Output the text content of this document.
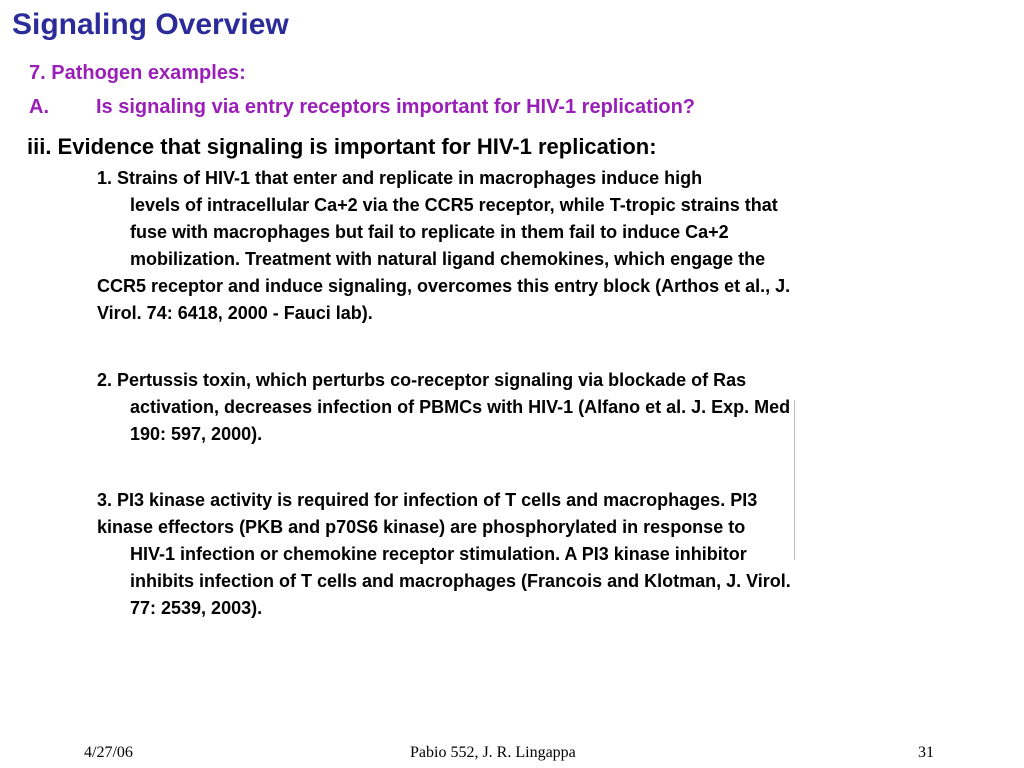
Signaling Overview
7. Pathogen examples:
A. Is signaling via entry receptors important for HIV-1 replication?
iii. Evidence that signaling is important for HIV-1 replication:
1. Strains of HIV-1 that enter and replicate in macrophages induce high
levels of intracellular Ca+2 via the CCR5 receptor, while T-tropic strains that
fuse with macrophages but fail to replicate in them fail to induce Ca+2
mobilization. Treatment with natural ligand chemokines, which engage the
CCR5 receptor and induce signaling, overcomes this entry block (Arthos et al., J.
Virol. 74: 6418, 2000 - Fauci lab).
2. Pertussis toxin, which perturbs co-receptor signaling via blockade of Ras
activation, decreases infection of PBMCs with HIV-1 (Alfano et al. J. Exp. Med
190: 597, 2000).
3. PI3 kinase activity is required for infection of T cells and macrophages. PI3
kinase effectors (PKB and p70S6 kinase) are phosphorylated in response to
HIV-1 infection or chemokine receptor stimulation. A PI3 kinase inhibitor
inhibits infection of T cells and macrophages (Francois and Klotman, J. Virol.
77: 2539, 2003).
4/27/06	Pabio 552, J. R. Lingappa	31
